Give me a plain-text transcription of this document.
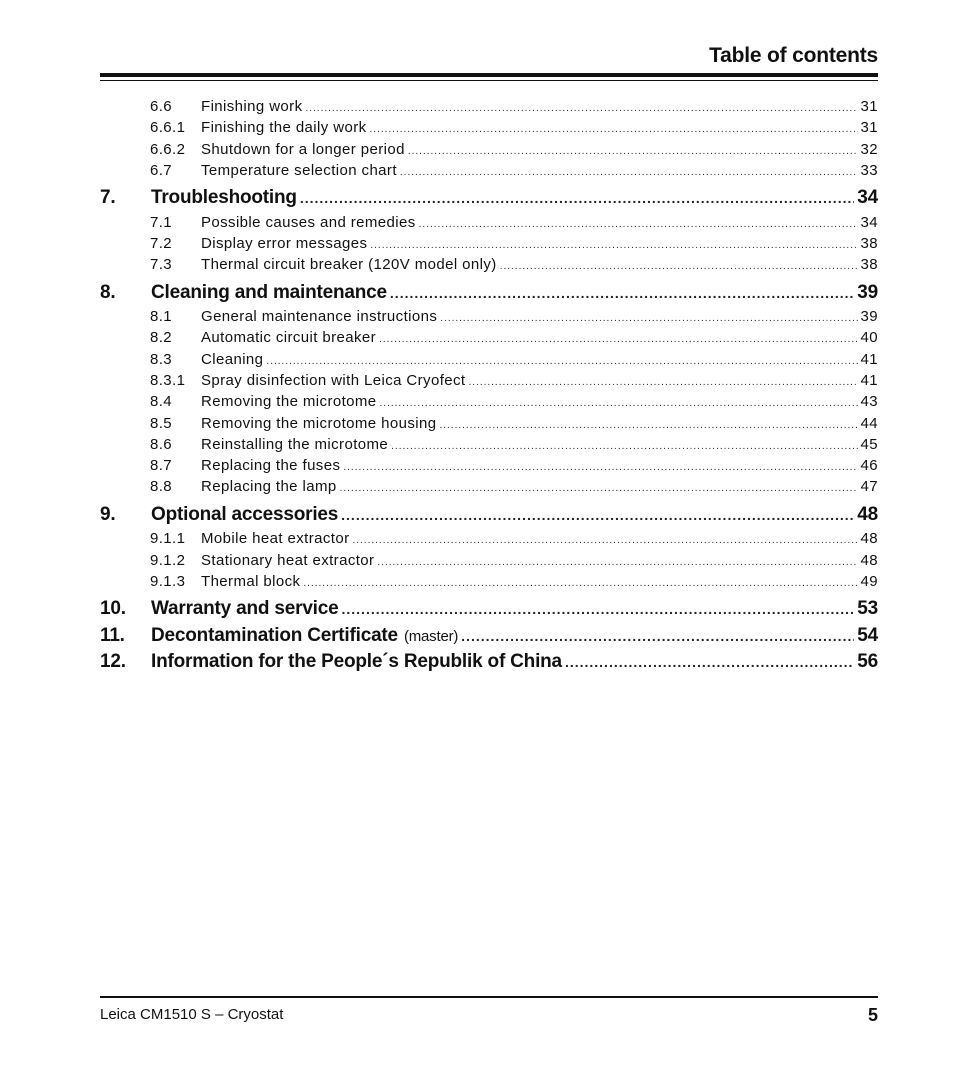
Table of contents
6.6	Finishing work .....	31
6.6.1	Finishing the daily work .....	31
6.6.2	Shutdown for a longer period .....	32
6.7	Temperature selection chart .....	33
7.	Troubleshooting .....	34
7.1	Possible causes and remedies .....	34
7.2	Display error messages .....	38
7.3	Thermal circuit breaker (120V model only) .....	38
8.	Cleaning and maintenance .....	39
8.1	General maintenance instructions .....	39
8.2	Automatic circuit breaker .....	40
8.3	Cleaning .....	41
8.3.1	Spray disinfection with Leica Cryofect .....	41
8.4	Removing the microtome .....	43
8.5	Removing the microtome housing .....	44
8.6	Reinstalling the microtome .....	45
8.7	Replacing the fuses .....	46
8.8	Replacing the lamp .....	47
9.	Optional accessories .....	48
9.1.1	Mobile heat extractor .....	48
9.1.2	Stationary heat extractor .....	48
9.1.3	Thermal block .....	49
10.	Warranty and service .....	53
11.	Decontamination Certificate (master) .....	54
12.	Information for the People´s Republik of China .....	56
Leica CM1510 S – Cryostat	5
